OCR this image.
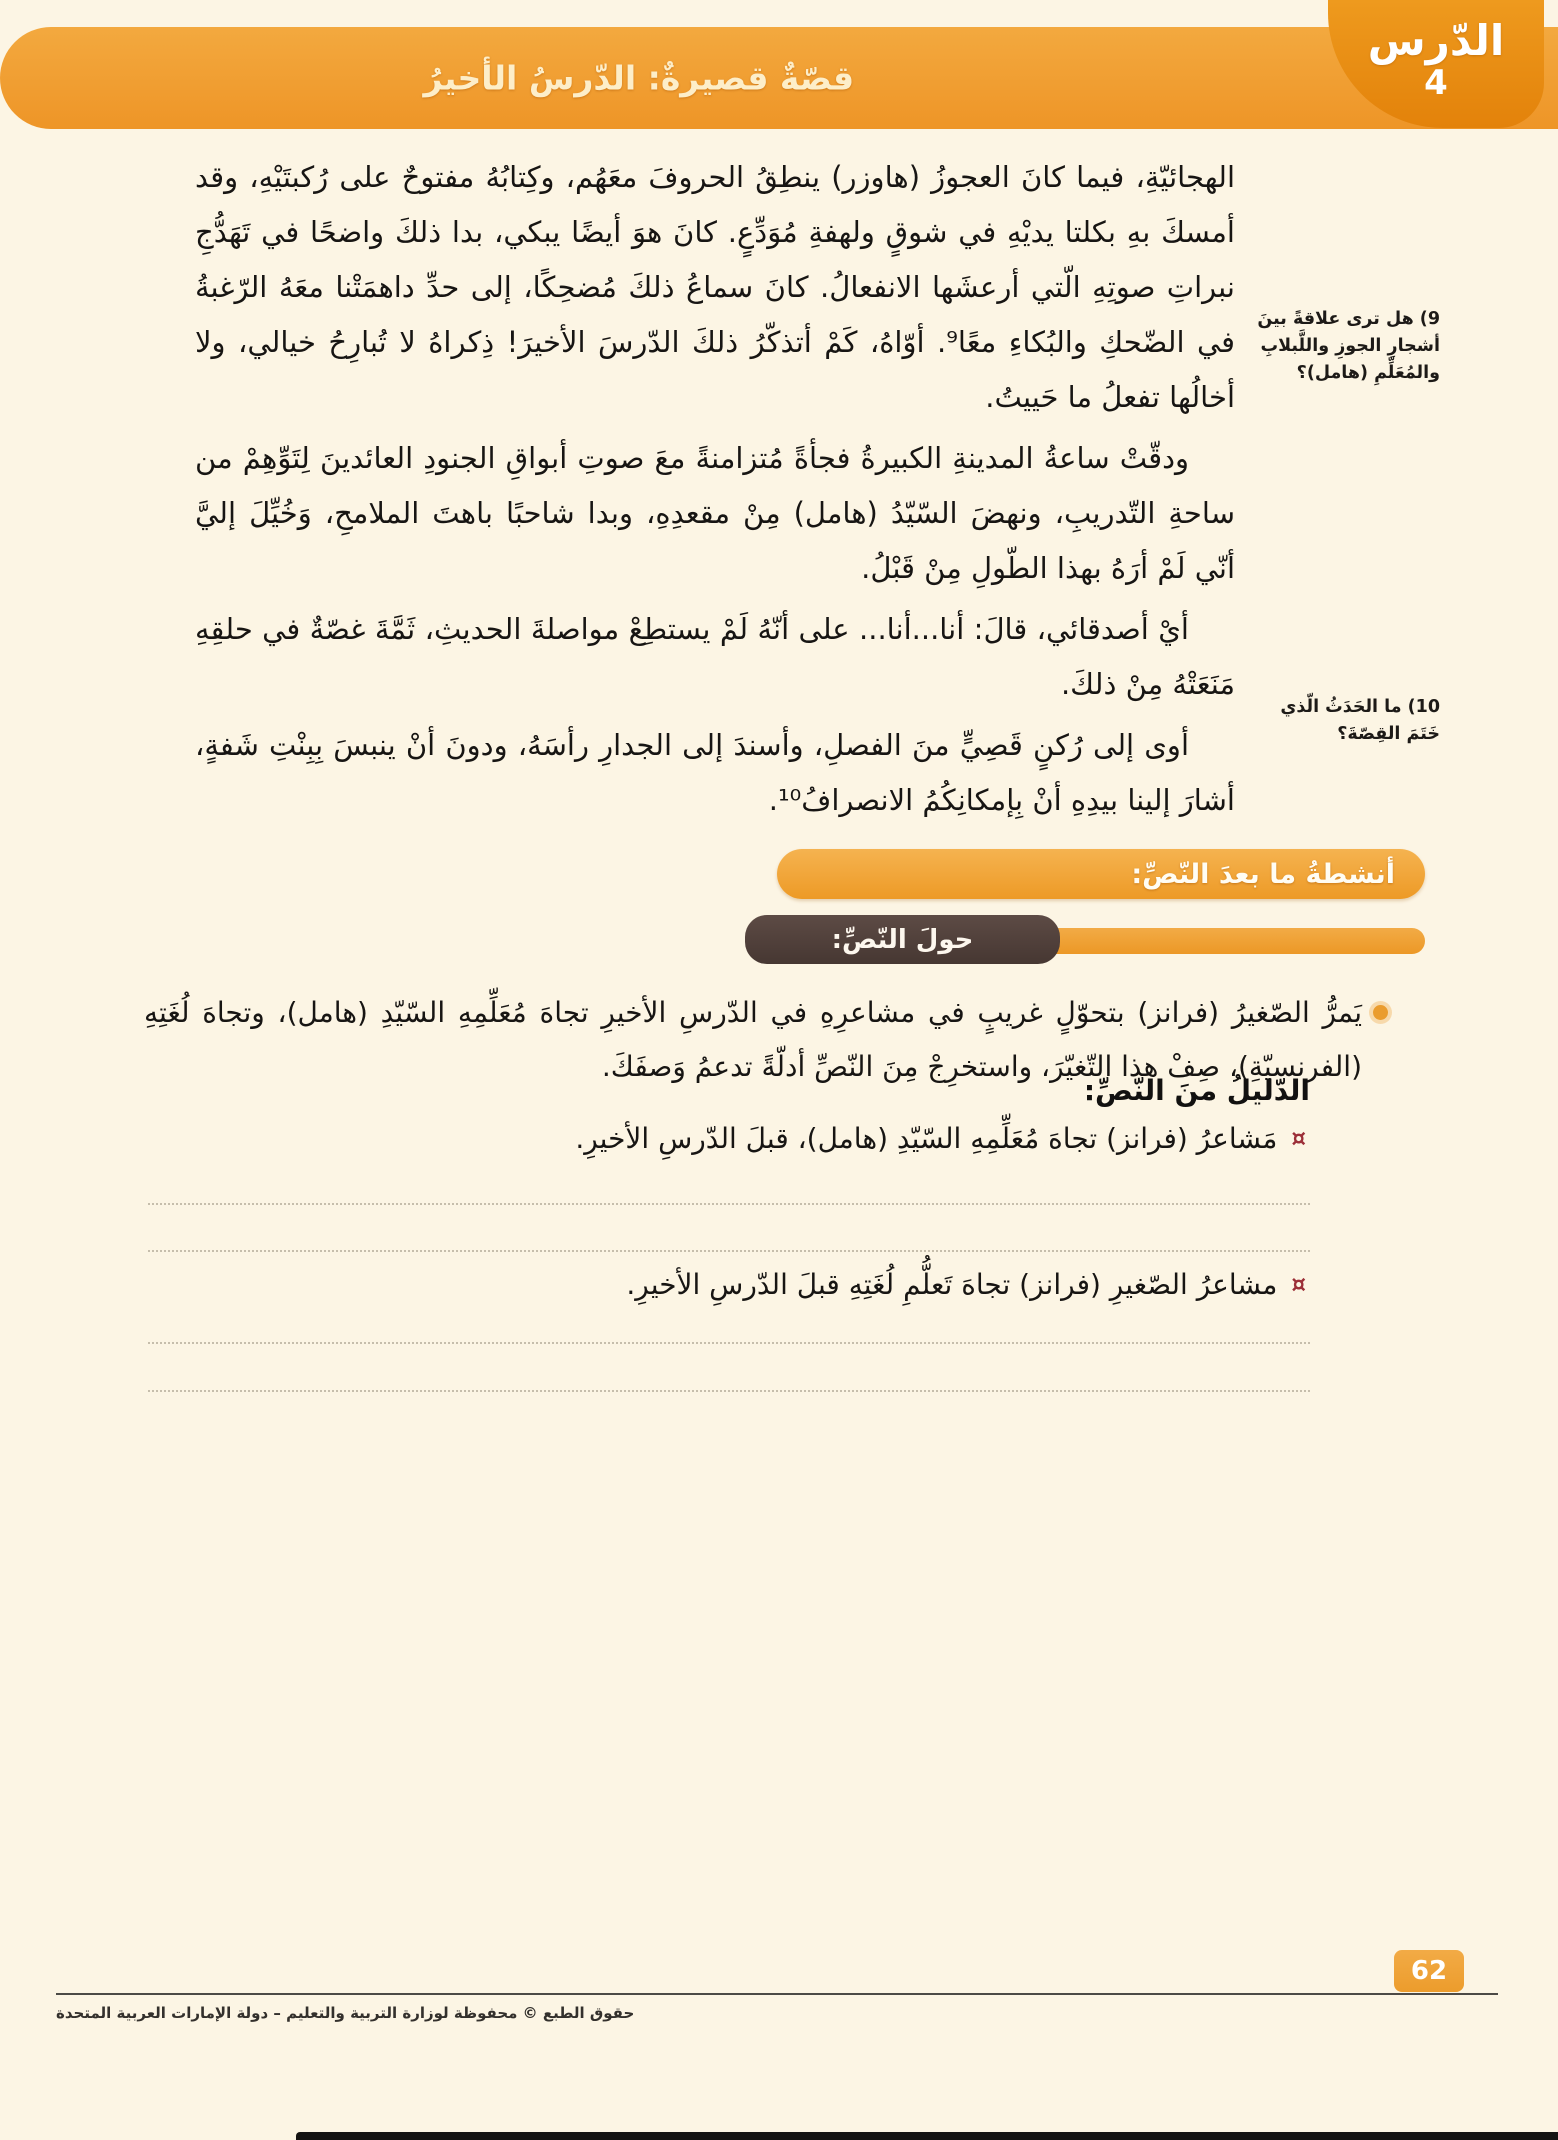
قصّةٌ قصيرةٌ: الدّرسُ الأخيرُ
الدّرس
4

الهجائيّةِ، فيما كانَ العجوزُ (هاوزر) ينطِقُ الحروفَ معَهُم، وكِتابُهُ مفتوحٌ على رُكبتَيْهِ، وقد أمسكَ بهِ بكلتا يديْهِ في شوقٍ ولهفةِ مُوَدِّعٍ. كانَ هوَ أيضًا يبكي، بدا ذلكَ واضحًا في تَهَدُّجِ نبراتِ صوتِهِ الّتي أرعشَها الانفعالُ. كانَ سماعُ ذلكَ مُضحِكًا، إلى حدِّ داهمَتْنا معَهُ الرّغبةُ في الضّحكِ والبُكاءِ معًا⁹. أوّاهُ، كَمْ أتذكّرُ ذلكَ الدّرسَ الأخيرَ! ذِكراهُ لا تُبارِحُ خيالي، ولا أخالُها تفعلُ ما حَييتُ.

ودقّتْ ساعةُ المدينةِ الكبيرةُ فجأةً مُتزامنةً معَ صوتِ أبواقِ الجنودِ العائدينَ لِتَوِّهِمْ من ساحةِ التّدريبِ، ونهضَ السّيّدُ (هامل) مِنْ مقعدِهِ، وبدا شاحبًا باهتَ الملامحِ، وَخُيِّلَ إليَّ أنّي لَمْ أرَهُ بهذا الطّولِ مِنْ قَبْلُ.

أيْ أصدقائي، قالَ: أنا...أنا... على أنّهُ لَمْ يستطِعْ مواصلةَ الحديثِ، ثَمَّةَ غصّةٌ في حلقِهِ مَنَعَتْهُ مِنْ ذلكَ.

أوى إلى رُكنٍ قَصِيٍّ منَ الفصلِ، وأسندَ إلى الجدارِ رأسَهُ، ودونَ أنْ ينبسَ بِبِنْتِ شَفةٍ، أشارَ إلينا بيدِهِ أنْ بِإمكانِكُمُ الانصرافُ¹⁰.

9) هل ترى علاقةً بينَ أشجارِ الجوزِ واللَّبلابِ والمُعَلِّمِ (هامل)؟
10) ما الحَدَثُ الّذي خَتَمَ القِصّةَ؟
أنشطةُ ما بعدَ النّصِّ:
حولَ النّصِّ:

يَمرُّ الصّغيرُ (فرانز) بتحوّلٍ غريبٍ في مشاعرِهِ في الدّرسِ الأخيرِ تجاهَ مُعَلِّمِهِ السّيّدِ (هامل)، وتجاهَ لُغَتِهِ (الفرنسيّةِ)، صِفْ هذا التّغيّرَ، واستخرِجْ مِنَ النّصِّ أدلّةً تدعمُ وَصفَكَ.

الدّليلُ منَ النّصِّ:
¤
مَشاعرُ (فرانز) تجاهَ مُعَلِّمِهِ السّيّدِ (هامل)، قبلَ الدّرسِ الأخيرِ.
¤
مشاعرُ الصّغيرِ (فرانز) تجاهَ تَعلُّمِ لُغَتِهِ قبلَ الدّرسِ الأخيرِ.
62
حقوق الطبع © محفوظة لوزارة التربية والتعليم – دولة الإمارات العربية المتحدة
